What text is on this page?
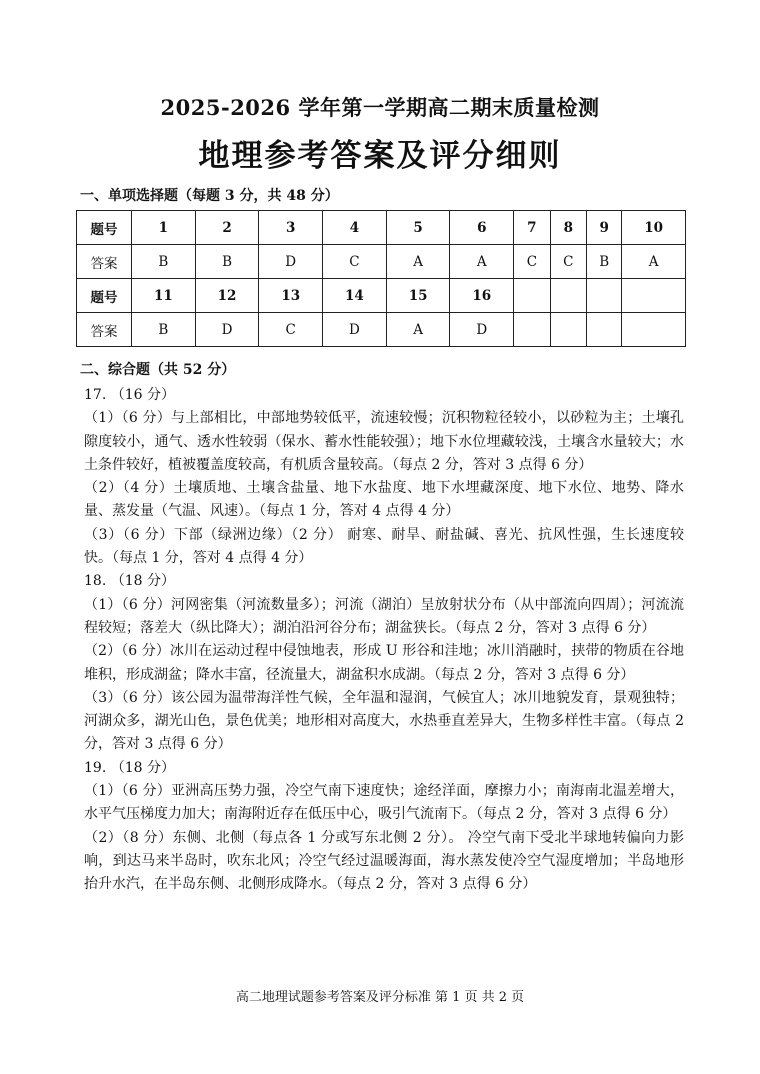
2025-2026 学年第一学期高二期末质量检测
地理参考答案及评分细则
一、单项选择题（每题 3 分，共 48 分）
题号	1	2	3	4	5	6	7	8	9	10
答案	B	B	D	C	A	A	C	C	B	A
题号	11	12	13	14	15	16				
答案	B	D	C	D	A	D				
二、综合题（共 52 分）

17. （16 分）

（1）（6 分）与上部相比，中部地势较低平，流速较慢；沉积物粒径较小，以砂粒为主；土壤孔隙度较小，通气、透水性较弱（保水、蓄水性能较强）；地下水位埋藏较浅，土壤含水量较大；水土条件较好，植被覆盖度较高，有机质含量较高。（每点 2 分，答对 3 点得 6 分）

（2）（4 分）土壤质地、土壤含盐量、地下水盐度、地下水埋藏深度、地下水位、地势、降水量、蒸发量（气温、风速）。（每点 1 分，答对 4 点得 4 分）

（3）（6 分）下部（绿洲边缘）（2 分） 耐寒、耐旱、耐盐碱、喜光、抗风性强，生长速度较快。（每点 1 分，答对 4 点得 4 分）

18. （18 分）

（1）（6 分）河网密集（河流数量多）；河流（湖泊）呈放射状分布（从中部流向四周）；河流流程较短；落差大（纵比降大）；湖泊沿河谷分布；湖盆狭长。（每点 2 分，答对 3 点得 6 分）

（2）（6 分）冰川在运动过程中侵蚀地表，形成 U 形谷和洼地；冰川消融时，挟带的物质在谷地堆积，形成湖盆；降水丰富，径流量大，湖盆积水成湖。（每点 2 分，答对 3 点得 6 分）

（3）（6 分）该公园为温带海洋性气候，全年温和湿润，气候宜人；冰川地貌发育，景观独特；河湖众多，湖光山色，景色优美；地形相对高度大，水热垂直差异大，生物多样性丰富。（每点 2 分，答对 3 点得 6 分）

19. （18 分）

（1）（6 分）亚洲高压势力强，冷空气南下速度快；途经洋面，摩擦力小；南海南北温差增大，水平气压梯度力加大；南海附近存在低压中心，吸引气流南下。（每点 2 分，答对 3 点得 6 分）

（2）（8 分）东侧、北侧（每点各 1 分或写东北侧 2 分）。 冷空气南下受北半球地转偏向力影响，到达马来半岛时，吹东北风；冷空气经过温暖海面，海水蒸发使冷空气湿度增加；半岛地形抬升水汽，在半岛东侧、北侧形成降水。（每点 2 分，答对 3 点得 6 分）

高二地理试题参考答案及评分标准 第 1 页 共 2 页
